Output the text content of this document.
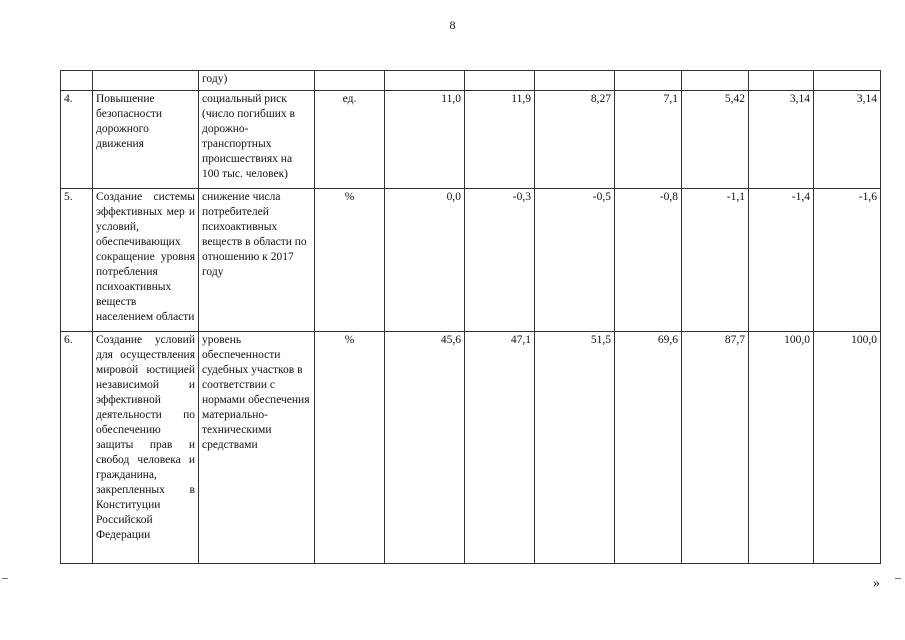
8
		году)								
4.	Повышение безопасности дорожного движения	социальный риск (число погибших в дорожно-транспортных происшествиях на 100 тыс. человек)	ед.	11,0	11,9	8,27	7,1	5,42	3,14	3,14
5.	Создание системы эффективных мер и условий, обеспечивающих сокращение уровня потребления психоактивных веществ населением области	снижение числа потребителей психоактивных веществ в области по отношению к 2017 году	%	0,0	-0,3	-0,5	-0,8	-1,1	-1,4	-1,6
6.	Создание условий для осуществления мировой юстицией независимой и эффективной деятельности по обеспечению защиты прав и свобод человека и гражданина, закрепленных в Конституции Российской Федерации	уровень обеспеченности судебных участков в соответствии с нормами обеспечения материально-техническими средствами	%	45,6	47,1	51,5	69,6	87,7	100,0	100,0
»
